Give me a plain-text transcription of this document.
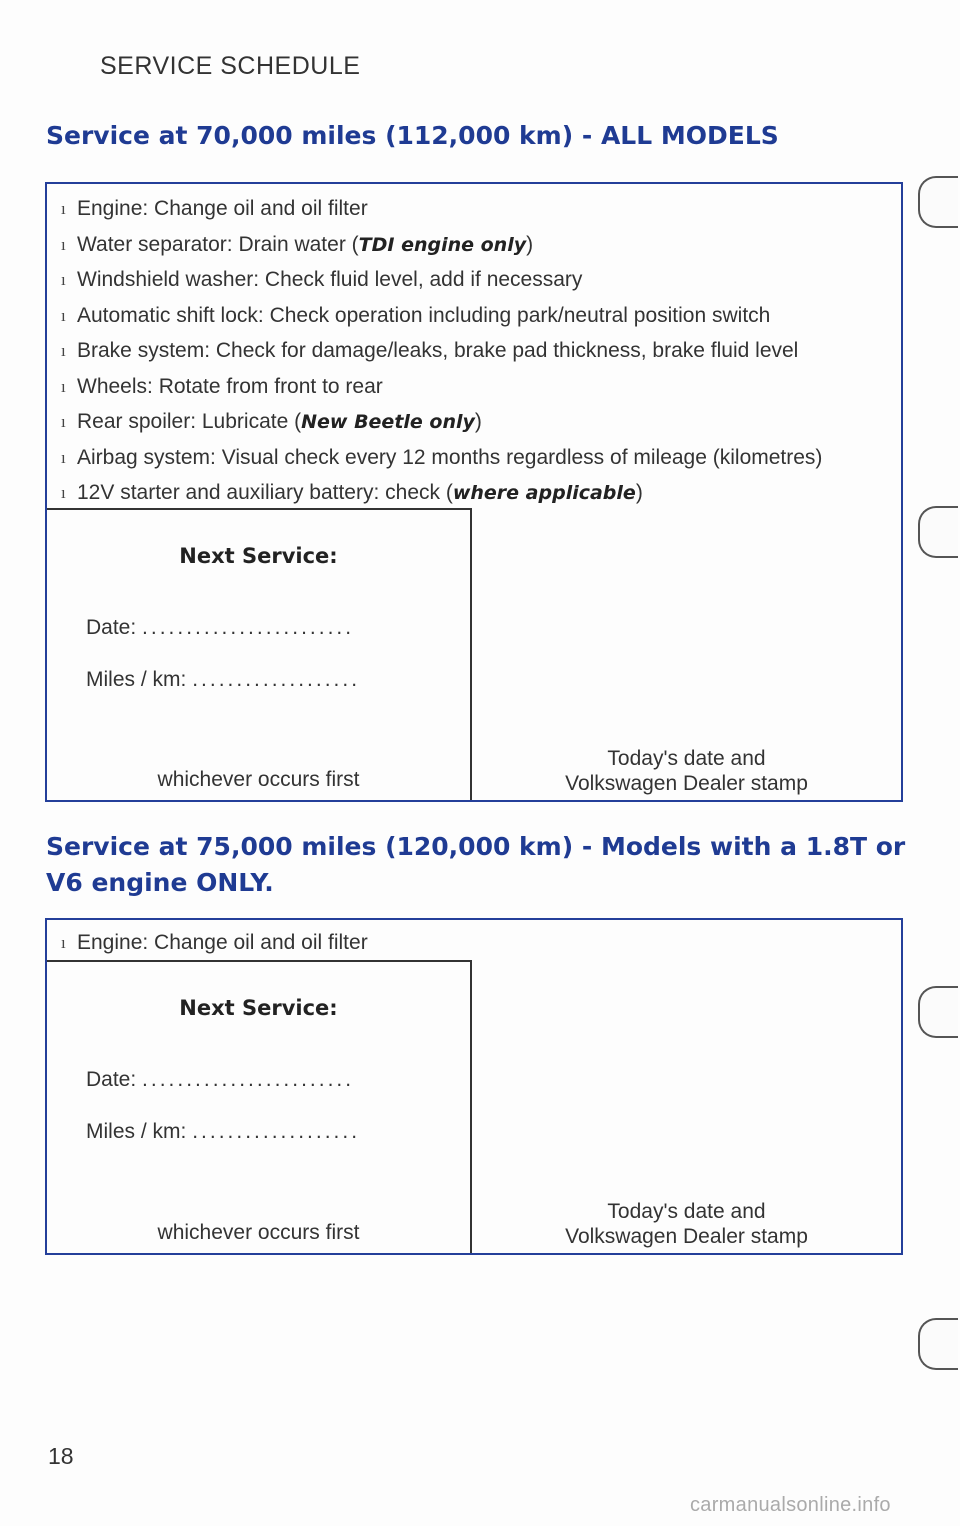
SERVICE SCHEDULE
Service at 70,000 miles (112,000 km) - ALL MODELS
ı Engine: Change oil and oil filter
ı Water separator: Drain water (TDI engine only)
ı Windshield washer: Check fluid level, add if necessary
ı Automatic shift lock: Check operation including park/neutral position switch
ı Brake system: Check for damage/leaks, brake pad thickness, brake fluid level
ı Wheels: Rotate from front to rear
ı Rear spoiler: Lubricate (New Beetle only)
ı Airbag system: Visual check every 12 months regardless of mileage (kilometres)
ı 12V starter and auxiliary battery: check (where applicable)
Next Service:
Date: ........................
Miles / km: ...................
whichever occurs first
Today's date and
Volkswagen Dealer stamp
Service at 75,000 miles (120,000 km) - Models with a 1.8T or
V6 engine ONLY.
ı Engine: Change oil and oil filter
Next Service:
Date: ........................
Miles / km: ...................
whichever occurs first
Today's date and
Volkswagen Dealer stamp
18
carmanualsonline.info
